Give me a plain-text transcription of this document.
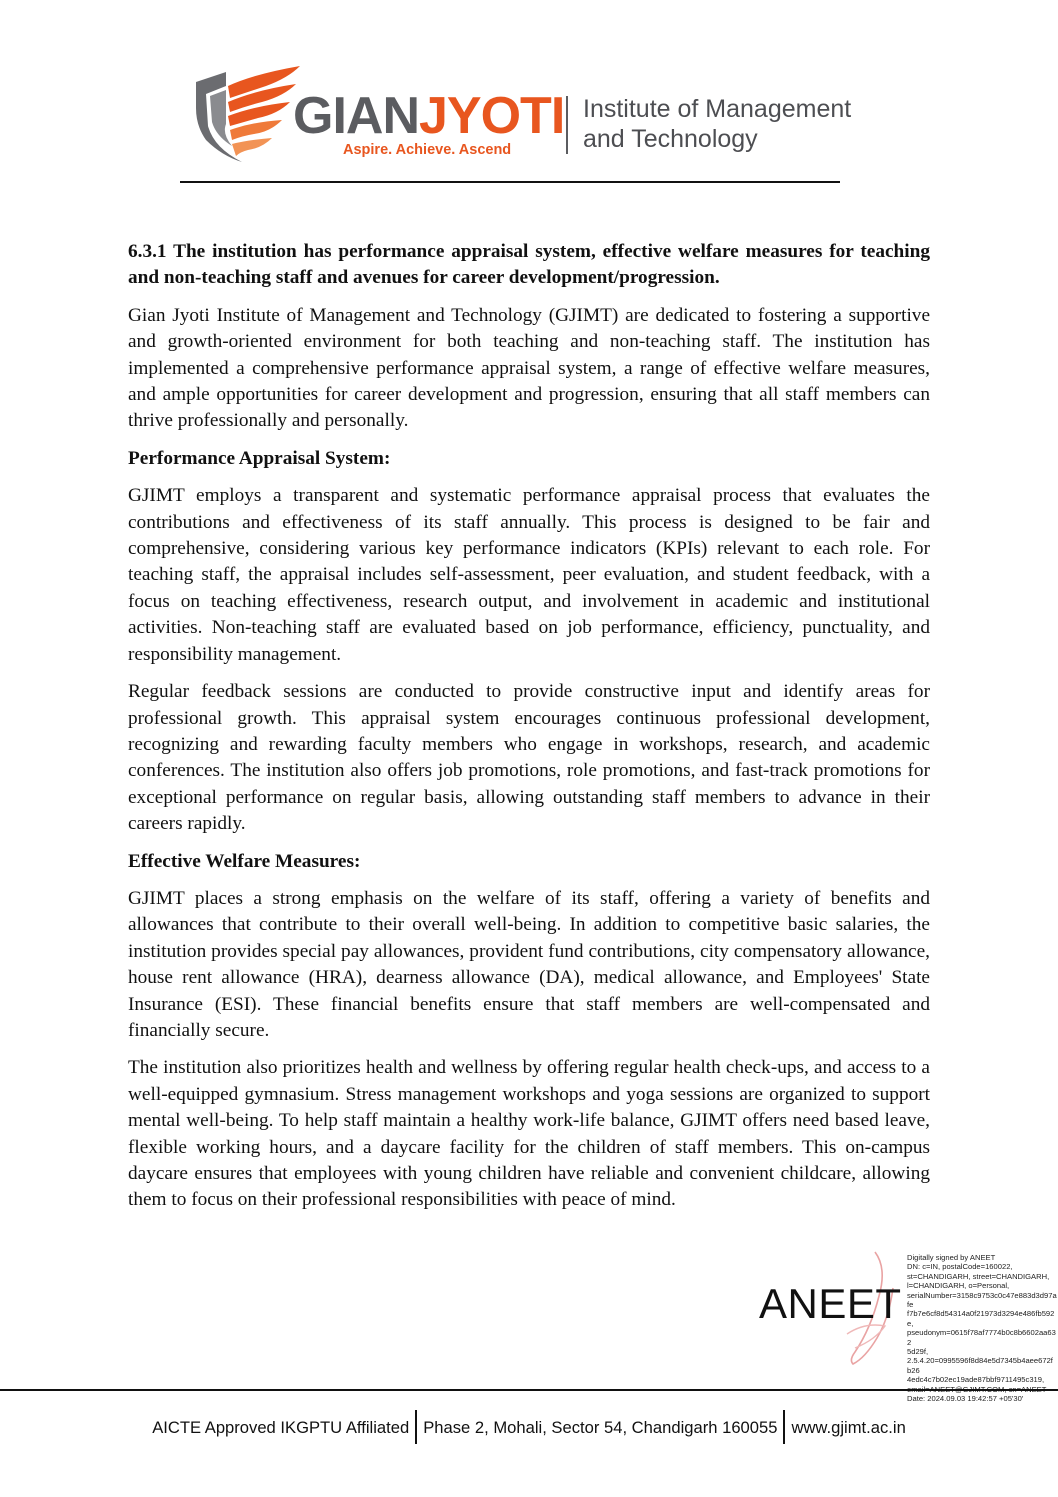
GIANJYOTI
Aspire. Achieve. Ascend
Institute of Management
and Technology

6.3.1 The institution has performance appraisal system, effective welfare measures for teaching and non-teaching staff and avenues for career development/progression.

Gian Jyoti Institute of Management and Technology (GJIMT) are dedicated to fostering a supportive and growth-oriented environment for both teaching and non-teaching staff. The institution has implemented a comprehensive performance appraisal system, a range of effective welfare measures, and ample opportunities for career development and progression, ensuring that all staff members can thrive professionally and personally.

Performance Appraisal System:

GJIMT employs a transparent and systematic performance appraisal process that evaluates the contributions and effectiveness of its staff annually. This process is designed to be fair and comprehensive, considering various key performance indicators (KPIs) relevant to each role. For teaching staff, the appraisal includes self-assessment, peer evaluation, and student feedback, with a focus on teaching effectiveness, research output, and involvement in academic and institutional activities. Non-teaching staff are evaluated based on job performance, efficiency, punctuality, and responsibility management.

Regular feedback sessions are conducted to provide constructive input and identify areas for professional growth. This appraisal system encourages continuous professional development, recognizing and rewarding faculty members who engage in workshops, research, and academic conferences. The institution also offers job promotions, role promotions, and fast-track promotions for exceptional performance on regular basis, allowing outstanding staff members to advance in their careers rapidly.

Effective Welfare Measures:

GJIMT places a strong emphasis on the welfare of its staff, offering a variety of benefits and allowances that contribute to their overall well-being. In addition to competitive basic salaries, the institution provides special pay allowances, provident fund contributions, city compensatory allowance, house rent allowance (HRA), dearness allowance (DA), medical allowance, and Employees' State Insurance (ESI). These financial benefits ensure that staff members are well-compensated and financially secure.

The institution also prioritizes health and wellness by offering regular health check-ups, and access to a well-equipped gymnasium. Stress management workshops and yoga sessions are organized to support mental well-being. To help staff maintain a healthy work-life balance, GJIMT offers need based leave, flexible working hours, and a daycare facility for the children of staff members. This on-campus daycare ensures that employees with young children have reliable and convenient childcare, allowing them to focus on their professional responsibilities with peace of mind.

ANEET
Digitally signed by ANEET
DN: c=IN, postalCode=160022,
st=CHANDIGARH, street=CHANDIGARH,
l=CHANDIGARH, o=Personal,
serialNumber=3158c9753c0c47e883d3d97afe
f7b7e6cf8d54314a0f21973d3294e486fb592e,
pseudonym=0615f78af7774b0c8b6602aa632
5d29f,
2.5.4.20=0995596f8d84e5d7345b4aee672fb26
4edc4c7b02ec19ade87bbf9711495c319,
Date: 2024.09.03 19:42:57 +05'30'
AICTE Approved IKGPTU Affiliated Phase 2, Mohali, Sector 54, Chandigarh 160055 www.gjimt.ac.in
